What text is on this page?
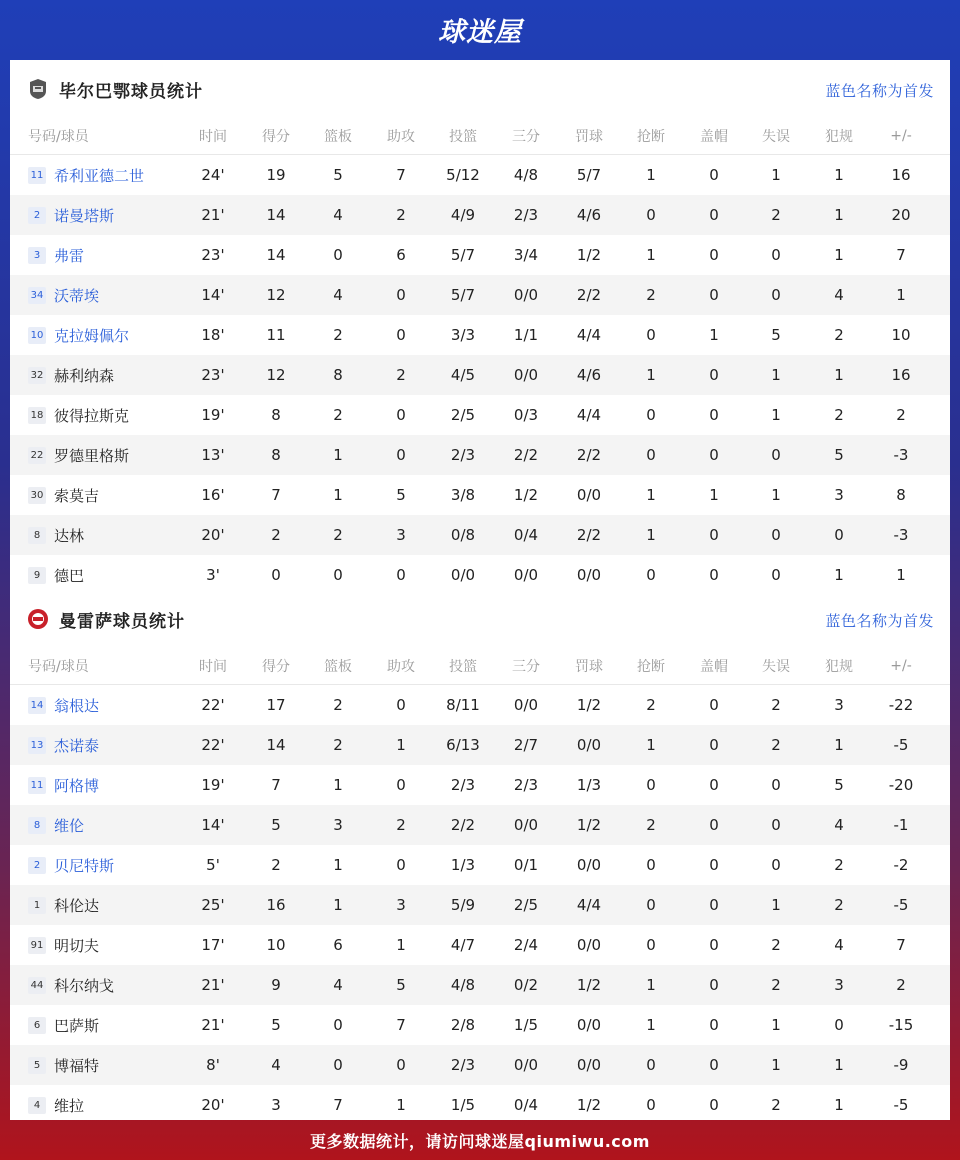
球迷屋
毕尔巴鄂球员统计	蓝色名称为首发
号码/球员	时间	得分	篮板	助攻	投篮	三分	罚球	抢断	盖帽	失误	犯规	+/-
11 希利亚德二世	24'	19	5	7	5/12	4/8	5/7	1	0	1	1	16
2 诺曼塔斯	21'	14	4	2	4/9	2/3	4/6	0	0	2	1	20
3 弗雷	23'	14	0	6	5/7	3/4	1/2	1	0	0	1	7
34 沃蒂埃	14'	12	4	0	5/7	0/0	2/2	2	0	0	4	1
10 克拉姆佩尔	18'	11	2	0	3/3	1/1	4/4	0	1	5	2	10
32 赫利纳森	23'	12	8	2	4/5	0/0	4/6	1	0	1	1	16
18 彼得拉斯克	19'	8	2	0	2/5	0/3	4/4	0	0	1	2	2
22 罗德里格斯	13'	8	1	0	2/3	2/2	2/2	0	0	0	5	-3
30 索莫吉	16'	7	1	5	3/8	1/2	0/0	1	1	1	3	8
8 达林	20'	2	2	3	0/8	0/4	2/2	1	0	0	0	-3
9 德巴	3'	0	0	0	0/0	0/0	0/0	0	0	0	1	1
曼雷萨球员统计	蓝色名称为首发
号码/球员	时间	得分	篮板	助攻	投篮	三分	罚球	抢断	盖帽	失误	犯规	+/-
14 翁根达	22'	17	2	0	8/11	0/0	1/2	2	0	2	3	-22
13 杰诺泰	22'	14	2	1	6/13	2/7	0/0	1	0	2	1	-5
11 阿格博	19'	7	1	0	2/3	2/3	1/3	0	0	0	5	-20
8 维伦	14'	5	3	2	2/2	0/0	1/2	2	0	0	4	-1
2 贝尼特斯	5'	2	1	0	1/3	0/1	0/0	0	0	0	2	-2
1 科伦达	25'	16	1	3	5/9	2/5	4/4	0	0	1	2	-5
91 明切夫	17'	10	6	1	4/7	2/4	0/0	0	0	2	4	7
44 科尔纳戈	21'	9	4	5	4/8	0/2	1/2	1	0	2	3	2
6 巴萨斯	21'	5	0	7	2/8	1/5	0/0	1	0	1	0	-15
5 博福特	8'	4	0	0	2/3	0/0	0/0	0	0	1	1	-9
4 维拉	20'	3	7	1	1/5	0/4	1/2	0	0	2	1	-5
更多数据统计，请访问球迷屋qiumiwu.com
